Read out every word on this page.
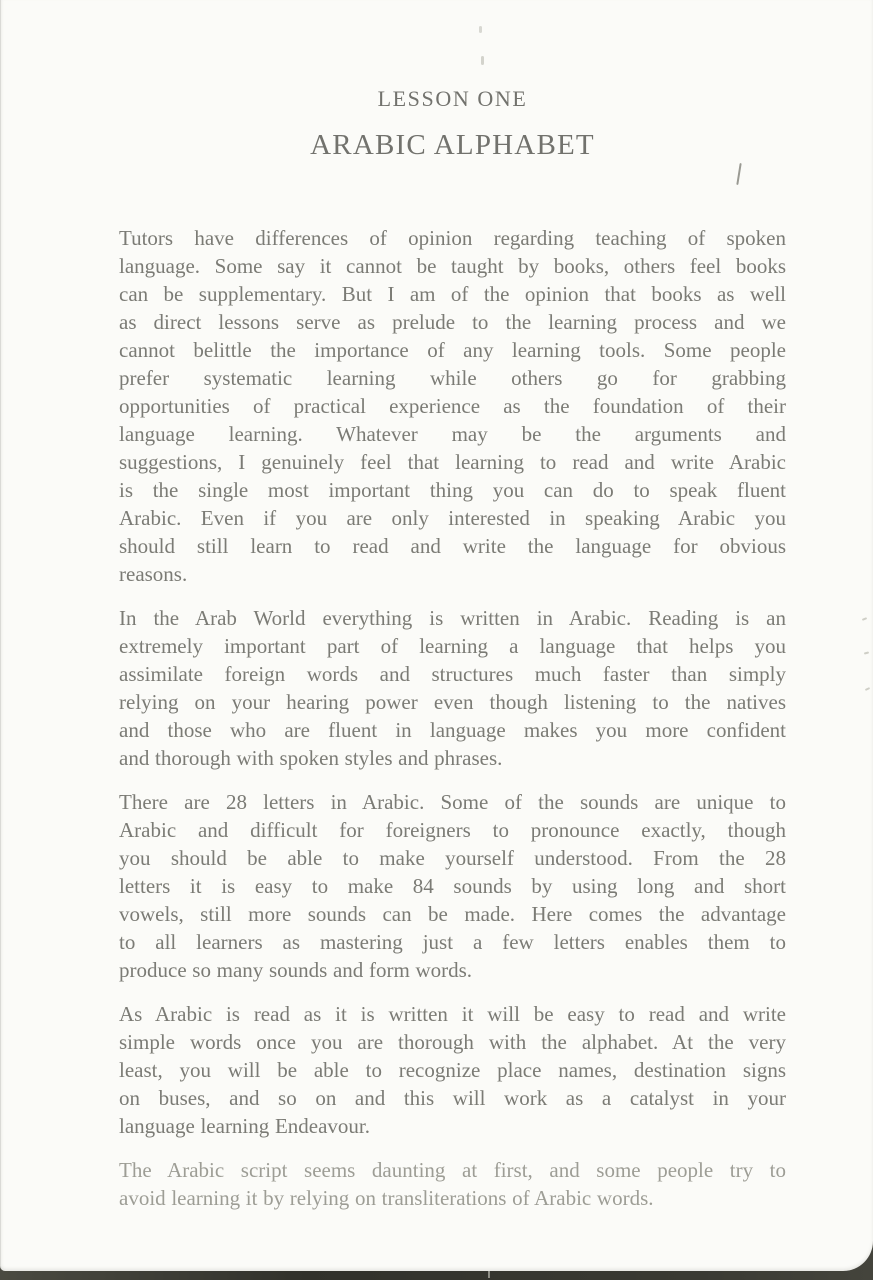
LESSON ONE
ARABIC ALPHABET

Tutors have differences of opinion regarding teaching of spoken
language. Some say it cannot be taught by books, others feel books
can be supplementary. But I am of the opinion that books as well
as direct lessons serve as prelude to the learning process and we
cannot belittle the importance of any learning tools. Some people
prefer systematic learning while others go for grabbing
opportunities of practical experience as the foundation of their
language learning. Whatever may be the arguments and
suggestions, I genuinely feel that learning to read and write Arabic
is the single most important thing you can do to speak fluent
Arabic. Even if you are only interested in speaking Arabic you
should still learn to read and write the language for obvious
reasons.

In the Arab World everything is written in Arabic. Reading is an
extremely important part of learning a language that helps you
assimilate foreign words and structures much faster than simply
relying on your hearing power even though listening to the natives
and those who are fluent in language makes you more confident
and thorough with spoken styles and phrases.

There are 28 letters in Arabic. Some of the sounds are unique to
Arabic and difficult for foreigners to pronounce exactly, though
you should be able to make yourself understood. From the 28
letters it is easy to make 84 sounds by using long and short
vowels, still more sounds can be made. Here comes the advantage
to all learners as mastering just a few letters enables them to
produce so many sounds and form words.

As Arabic is read as it is written it will be easy to read and write
simple words once you are thorough with the alphabet. At the very
least, you will be able to recognize place names, destination signs
on buses, and so on and this will work as a catalyst in your
language learning Endeavour.

The Arabic script seems daunting at first, and some people try to
avoid learning it by relying on transliterations of Arabic words.
